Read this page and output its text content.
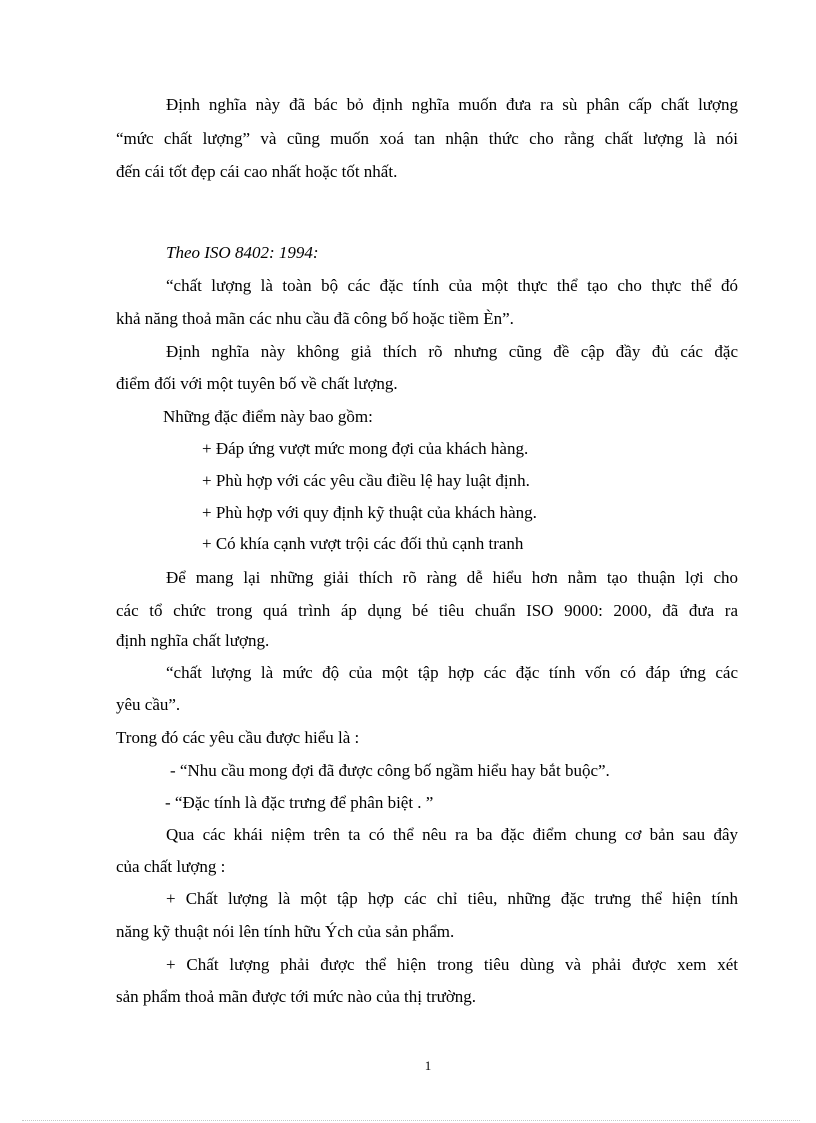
Định nghĩa này đã bác bỏ định nghĩa muốn đưa ra sù phân cấp chất lượng
“mức chất lượng” và cũng muốn xoá tan nhận thức cho rằng chất lượng là nói
đến cái tốt đẹp cái cao nhất hoặc tốt nhất.
Theo ISO 8402: 1994:
“chất lượng là toàn bộ các đặc tính của một thực thể tạo cho thực thể đó
khả năng thoả mãn các nhu cầu đã công bố hoặc tiềm Èn”.
Định nghĩa này không giả thích rõ nhưng cũng đề cập đầy đủ các đặc
điểm đối với một tuyên bố về chất lượng.
Những đặc điểm này bao gồm:
+ Đáp ứng vượt mức mong đợi của khách hàng.
+ Phù hợp với các yêu cầu điều lệ hay luật định.
+ Phù hợp với quy định kỹ thuật của khách hàng.
+ Có khía cạnh vượt trội các đối thủ cạnh tranh
Để mang lại những giải thích rõ ràng dễ hiểu hơn nằm tạo thuận lợi cho
các tổ chức trong quá trình áp dụng bé tiêu chuẩn ISO 9000: 2000, đã đưa ra
định nghĩa chất lượng.
“chất lượng là mức độ của một tập hợp các đặc tính vốn có đáp ứng các
yêu cầu”.
Trong đó các yêu cầu được hiểu là :
- “Nhu cầu mong đợi đã được công bố ngầm hiểu hay bắt buộc”.
- “Đặc tính là đặc trưng để phân biệt . ”
Qua các khái niệm trên ta có thể nêu ra ba đặc điểm chung cơ bản sau đây
của chất lượng :
+ Chất lượng là một tập hợp các chỉ tiêu, những đặc trưng thể hiện tính
năng kỹ thuật nói lên tính hữu Ých của sản phẩm.
+ Chất lượng phải được thể hiện trong tiêu dùng và phải được xem xét
sản phẩm thoả mãn được tới mức nào của thị trường.
1
